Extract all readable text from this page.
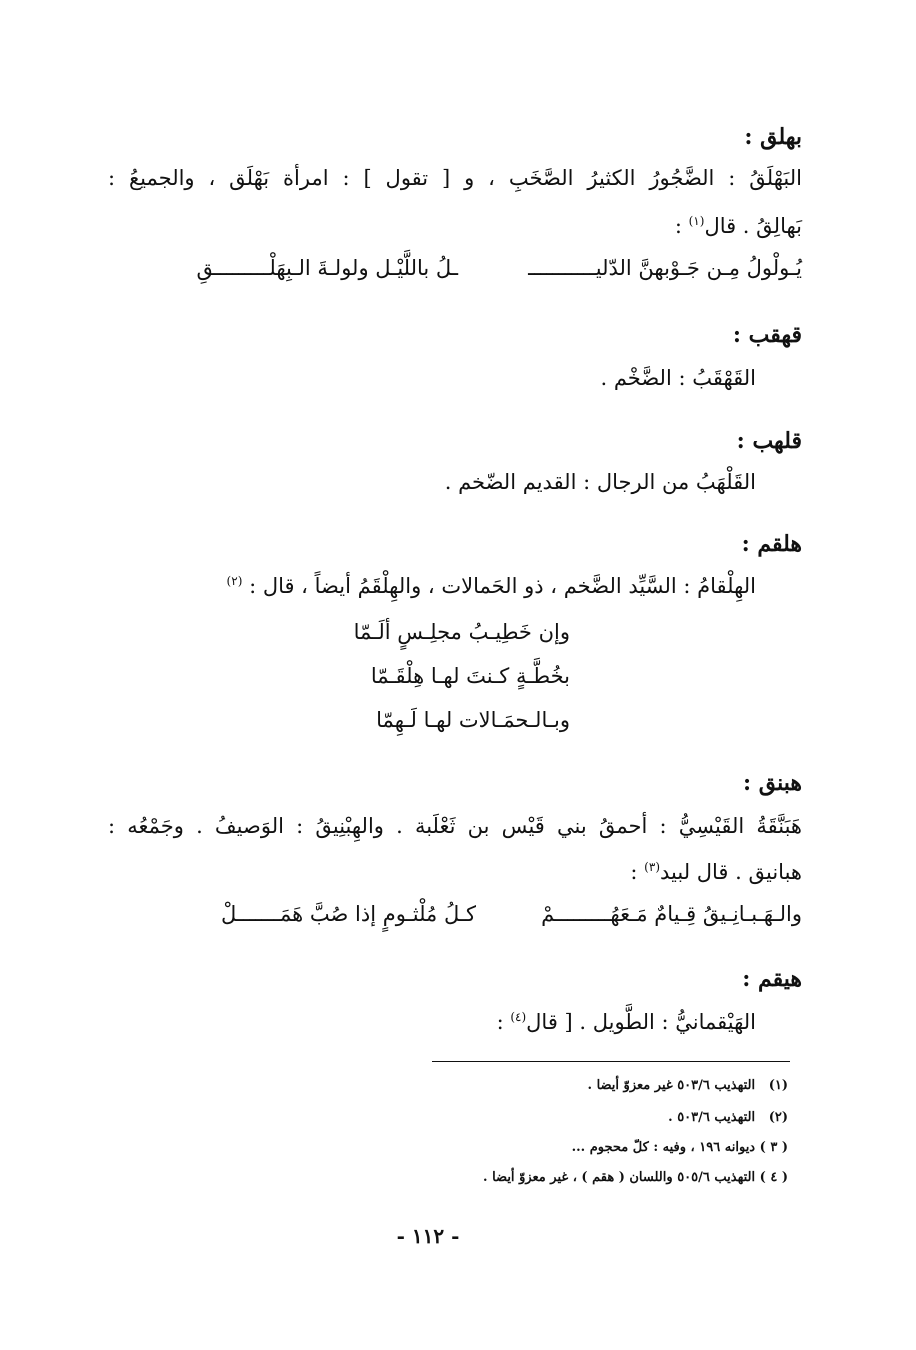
بهلق :
البَهْلَقُ : الضَّجُورُ الكثيرُ الصَّخَبِ ، و [ تقول ] : امرأة بَهْلَق ، والجميعُ :
بَهالِقُ . قال$^{(١)}$ :
يُـولْولُ مِـن جَـوْبهنَّ الدّليـــــــــــ
ـلُ باللَّيْـل ولولـةَ الـبِهَلْـــــــــقِ
قهقب :
القَهْقَبُ : الضَّخْم .
قلهب :
القَلْهَبُ من الرجال : القديم الضّخم .
هلقم :
الهِلْقامُ : السَّيِّد الضَّخم ، ذو الحَمالات ، والهِلْقَمُ أيضاً ، قال : $^{(٢)}$
وإن خَطِيـبُ مجلِـسٍ ألَـمّا
بخُطَّـةٍ كـنتَ لهـا هِلْقَـمّا
وبـالـحمَـالات لهـا لَـهِمّا
هبنق :
هَبَنَّقَةُ القَيْسِيُّ : أحمقُ بني قَيْس بن ثَعْلَبة . والهِبْنِيقُ : الوَصيفُ . وجَمْعُه :
هبانيق . قال لبيد$^{(٣)}$ :
والـهَـبـانِـيقُ قِـيامٌ مَـعَهُـــــــــمْ
كـلُ مُلْثـومٍ إذا صُبَّ هَمَـــــــلْ
هيقم :
الهَيْقمانيُّ : الطَّويل . [ قال$^{(٤)}$ :
(١)   التهذيب ٥٠٣/٦ غير معزوّ أيضا .
(٢)   التهذيب ٥٠٣/٦ .
( ٣ ) ديوانه ١٩٦ ، وفيه : كلّ محجوم ...
( ٤ ) التهذيب ٥٠٥/٦ واللسان ( هقم ) ، غير معزوّ أيضا .
- ١١٢ -
